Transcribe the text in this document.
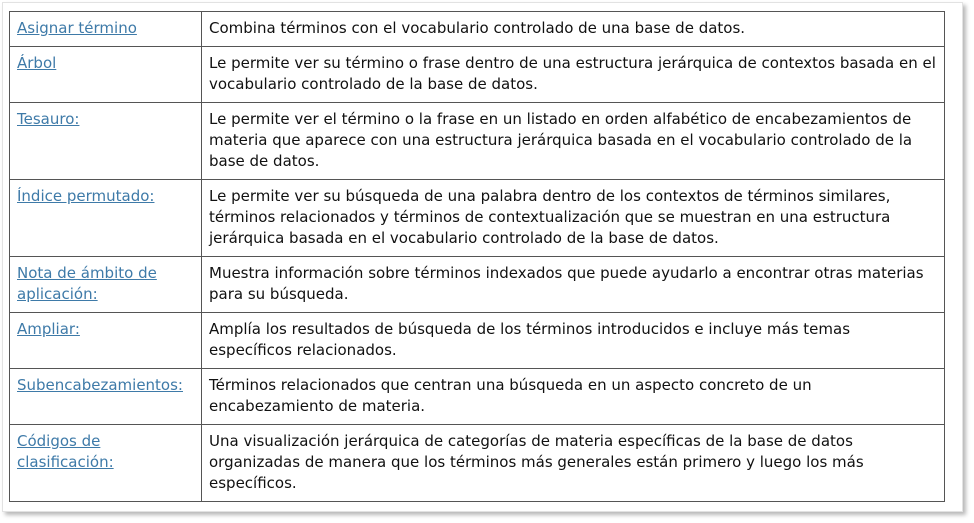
Asignar término	Combina términos con el vocabulario controlado de una base de datos.
Árbol	Le permite ver su término o frase dentro de una estructura jerárquica de contextos basada en el vocabulario controlado de la base de datos.
Tesauro:	Le permite ver el término o la frase en un listado en orden alfabético de encabezamientos de materia que aparece con una estructura jerárquica basada en el vocabulario controlado de la base de datos.
Índice permutado:	Le permite ver su búsqueda de una palabra dentro de los contextos de términos similares, términos relacionados y términos de contextualización que se muestran en una estructura jerárquica basada en el vocabulario controlado de la base de datos.
Nota de ámbito de aplicación:	Muestra información sobre términos indexados que puede ayudarlo a encontrar otras materias para su búsqueda.
Ampliar:	Amplía los resultados de búsqueda de los términos introducidos e incluye más temas específicos relacionados.
Subencabezamientos:	Términos relacionados que centran una búsqueda en un aspecto concreto de un encabezamiento de materia.
Códigos de clasificación:	Una visualización jerárquica de categorías de materia específicas de la base de datos organizadas de manera que los términos más generales están primero y luego los más específicos.
